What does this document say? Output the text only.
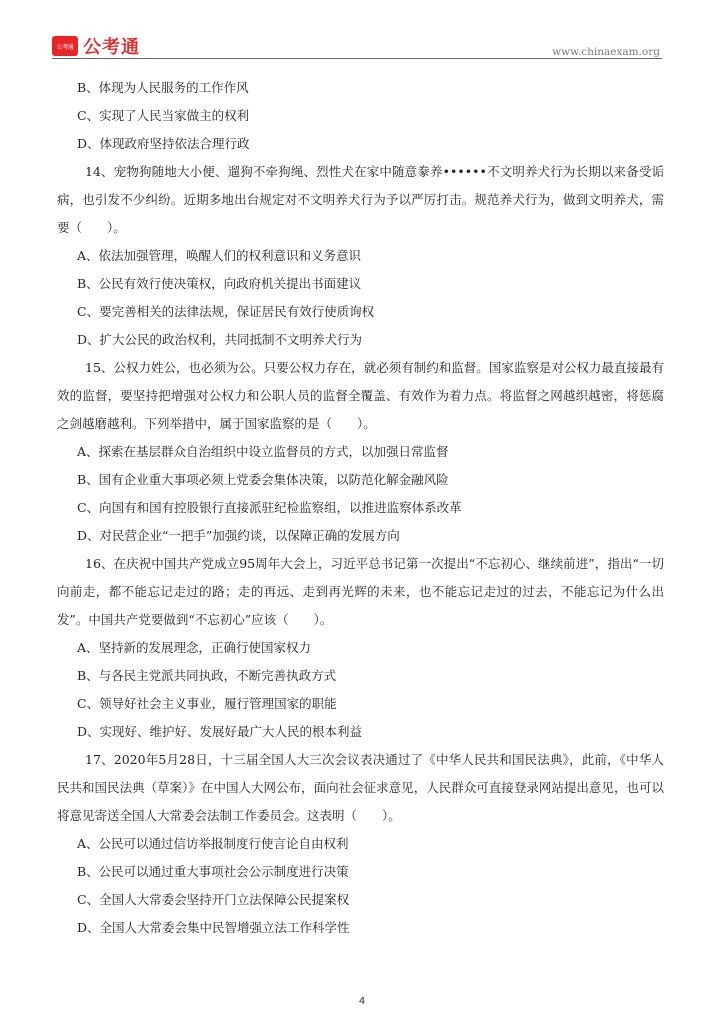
公考通 公考通	www.chinaexam.org
B、体现为人民服务的工作作风
C、实现了人民当家做主的权利
D、体现政府坚持依法合理行政
14、宠物狗随地大小便、遛狗不牵狗绳、烈性犬在家中随意豢养••••••不文明养犬行为长期以来备受诟病，也引发不少纠纷。近期多地出台规定对不文明养犬行为予以严厉打击。规范养犬行为，做到文明养犬，需要（　　）。
A、依法加强管理，唤醒人们的权利意识和义务意识
B、公民有效行使决策权，向政府机关提出书面建议
C、要完善相关的法律法规，保证居民有效行使质询权
D、扩大公民的政治权利，共同抵制不文明养犬行为
15、公权力姓公，也必须为公。只要公权力存在，就必须有制约和监督。国家监察是对公权力最直接最有效的监督，要坚持把增强对公权力和公职人员的监督全覆盖、有效作为着力点。将监督之网越织越密，将惩腐之剑越磨越利。下列举措中，属于国家监察的是（　　）。
A、探索在基层群众自治组织中设立监督员的方式，以加强日常监督
B、国有企业重大事项必须上党委会集体决策，以防范化解金融风险
C、向国有和国有控股银行直接派驻纪检监察组，以推进监察体系改革
D、对民营企业“一把手”加强约谈，以保障正确的发展方向
16、在庆祝中国共产党成立95周年大会上，习近平总书记第一次提出“不忘初心、继续前进”，指出“一切向前走，都不能忘记走过的路；走的再远、走到再光辉的未来，也不能忘记走过的过去，不能忘记为什么出发”。中国共产党要做到“不忘初心”应该（　　）。
A、坚持新的发展理念，正确行使国家权力
B、与各民主党派共同执政，不断完善执政方式
C、领导好社会主义事业，履行管理国家的职能
D、实现好、维护好、发展好最广大人民的根本利益
17、2020年5月28日，十三届全国人大三次会议表决通过了《中华人民共和国民法典》，此前，《中华人民共和国民法典（草案）》在中国人大网公布，面向社会征求意见，人民群众可直接登录网站提出意见，也可以将意见寄送全国人大常委会法制工作委员会。这表明（　　）。
A、公民可以通过信访举报制度行使言论自由权利
B、公民可以通过重大事项社会公示制度进行决策
C、全国人大常委会坚持开门立法保障公民提案权
D、全国人大常委会集中民智增强立法工作科学性
4
